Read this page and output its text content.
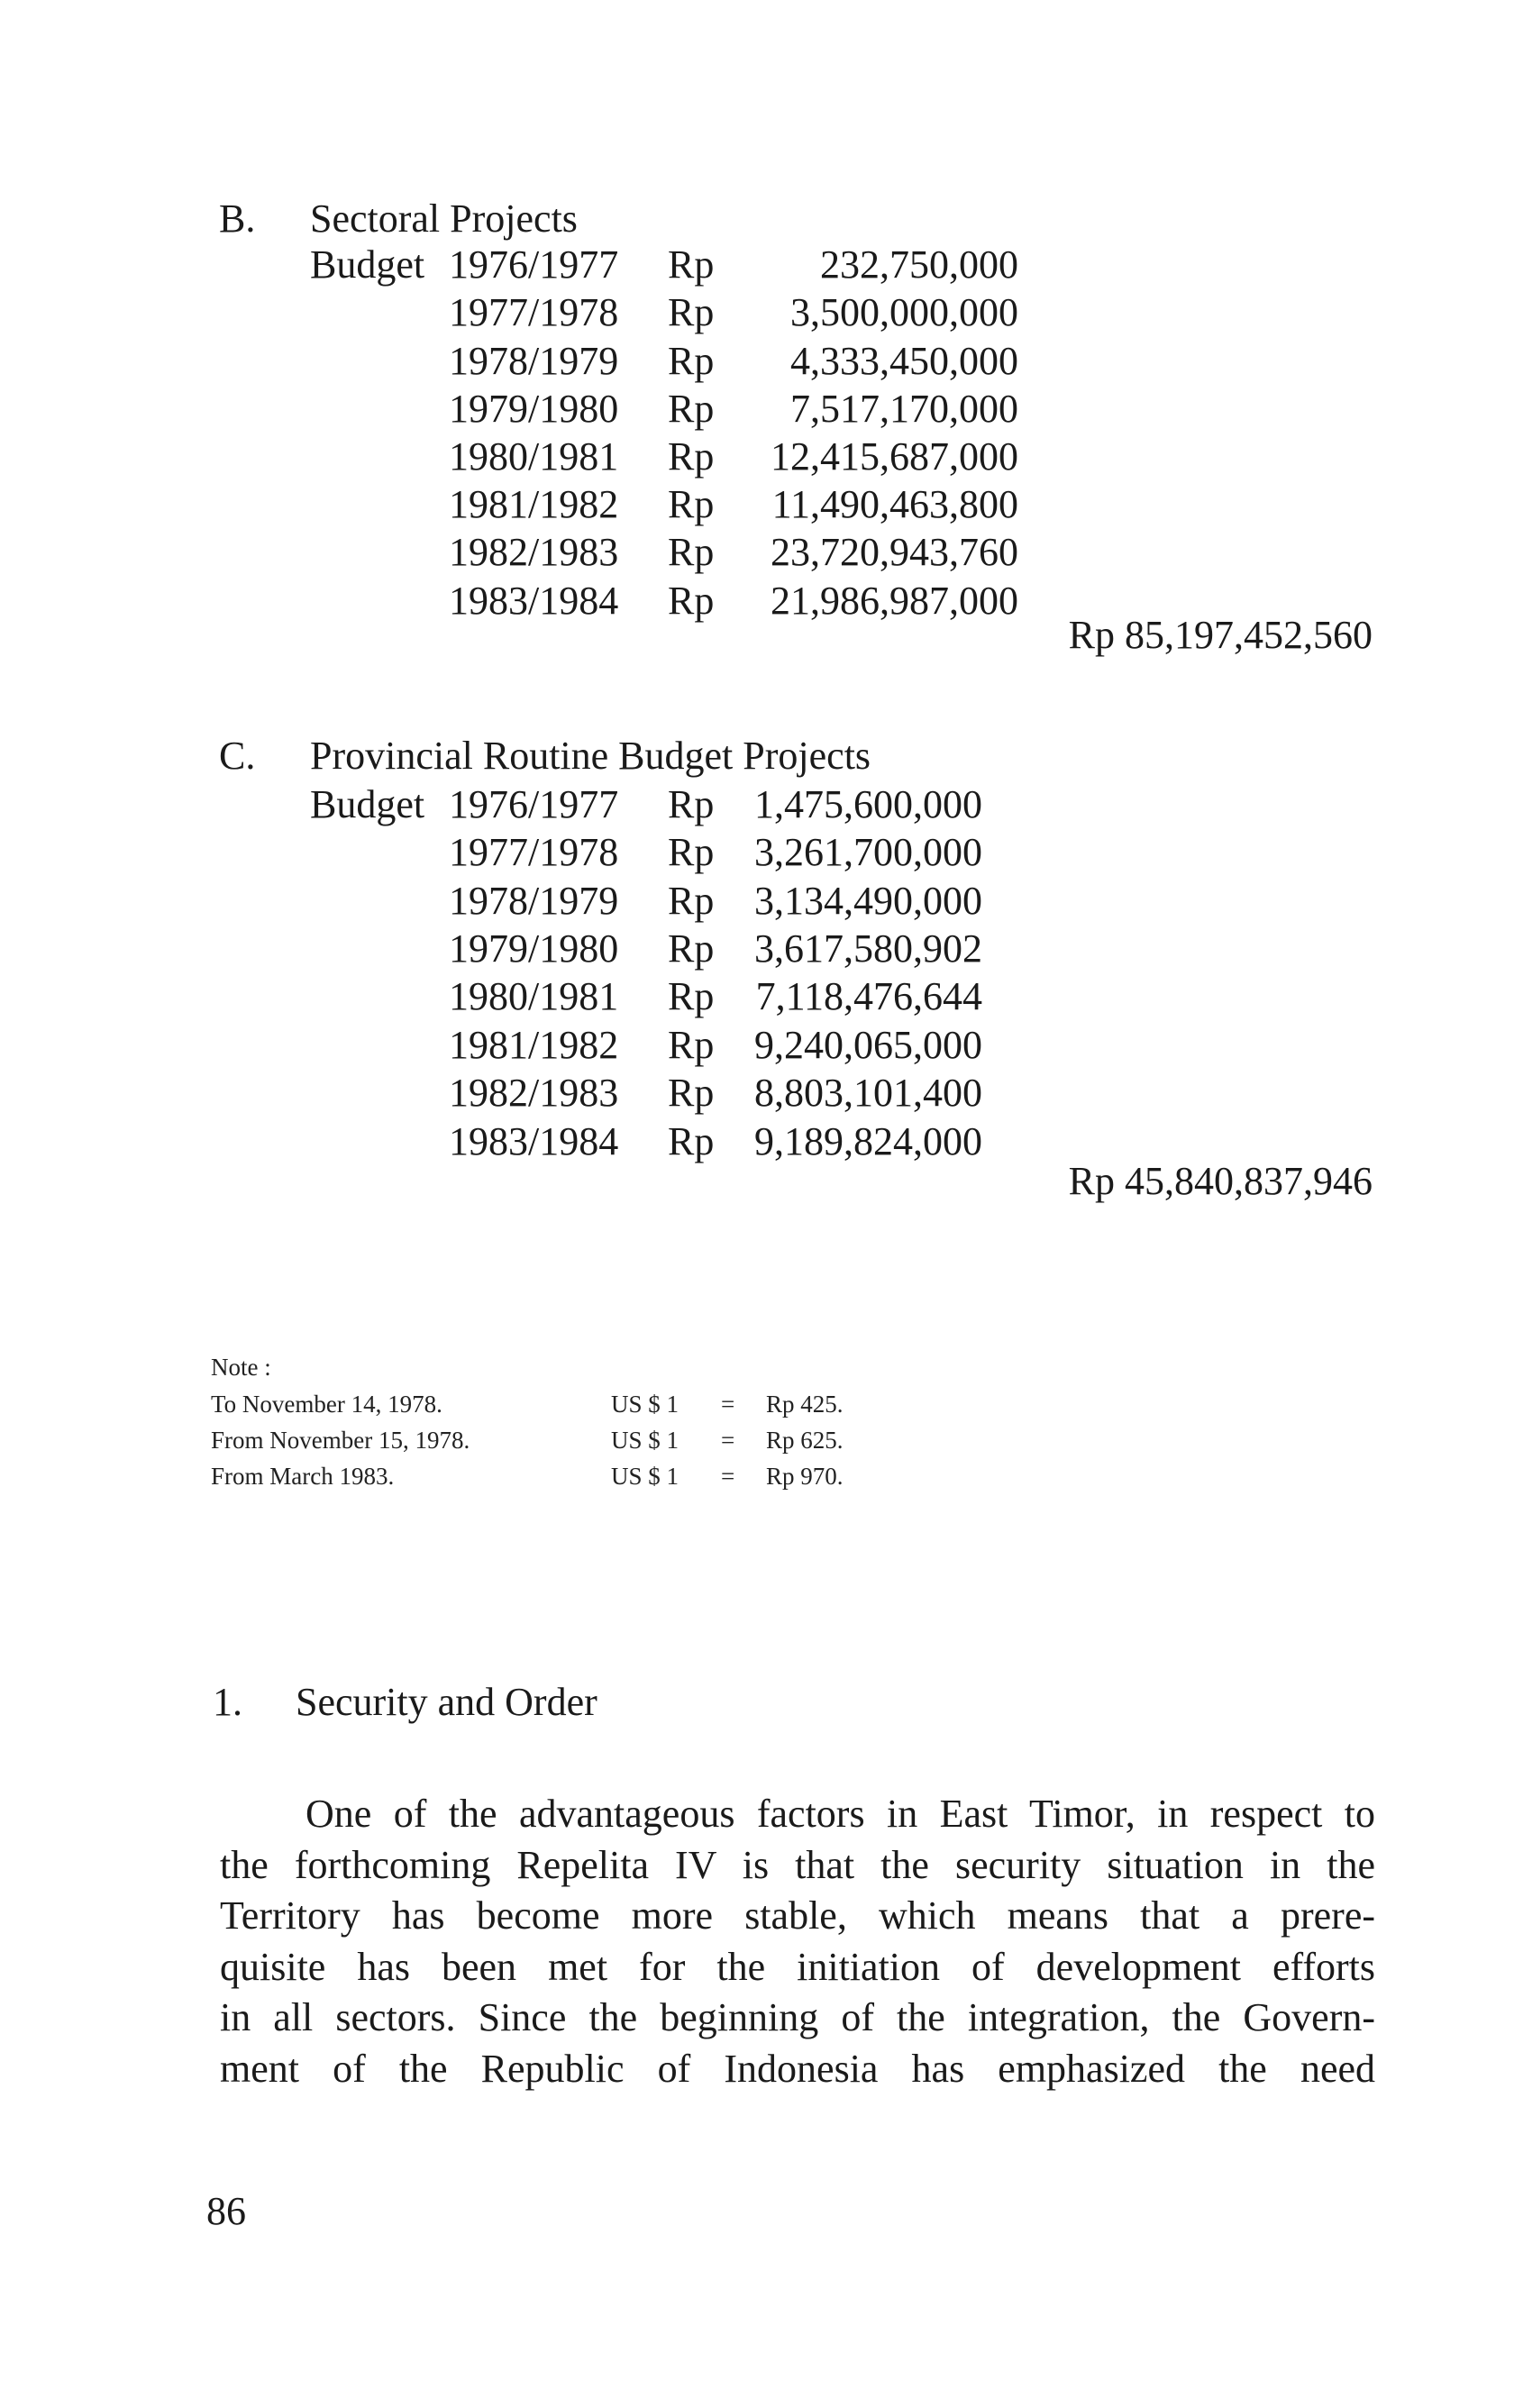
B. Sectoral Projects
Budget 1976/1977	Rp	232,750,000
1977/1978	Rp	3,500,000,000
1978/1979	Rp	4,333,450,000
1979/1980	Rp	7,517,170,000
1980/1981	Rp	12,415,687,000
1981/1982	Rp	11,490,463,800
1982/1983	Rp	23,720,943,760
1983/1984	Rp	21,986,987,000
Rp 85,197,452,560
C. Provincial Routine Budget Projects
Budget 1976/1977	Rp	1,475,600,000
1977/1978	Rp	3,261,700,000
1978/1979	Rp	3,134,490,000
1979/1980	Rp	3,617,580,902
1980/1981	Rp	7,118,476,644
1981/1982	Rp	9,240,065,000
1982/1983	Rp	8,803,101,400
1983/1984	Rp	9,189,824,000
Rp 45,840,837,946
Note :
To November 14, 1978.	US $ 1 = Rp 425.
From November 15, 1978.	US $ 1 = Rp 625.
From March 1983.	US $ 1 = Rp 970.
1. Security and Order
One of the advantageous factors in East Timor, in respect to
the forthcoming Repelita IV is that the security situation in the
Territory has become more stable, which means that a prere-
quisite has been met for the initiation of development efforts
in all sectors. Since the beginning of the integration, the Govern-
ment of the Republic of Indonesia has emphasized the need
86
